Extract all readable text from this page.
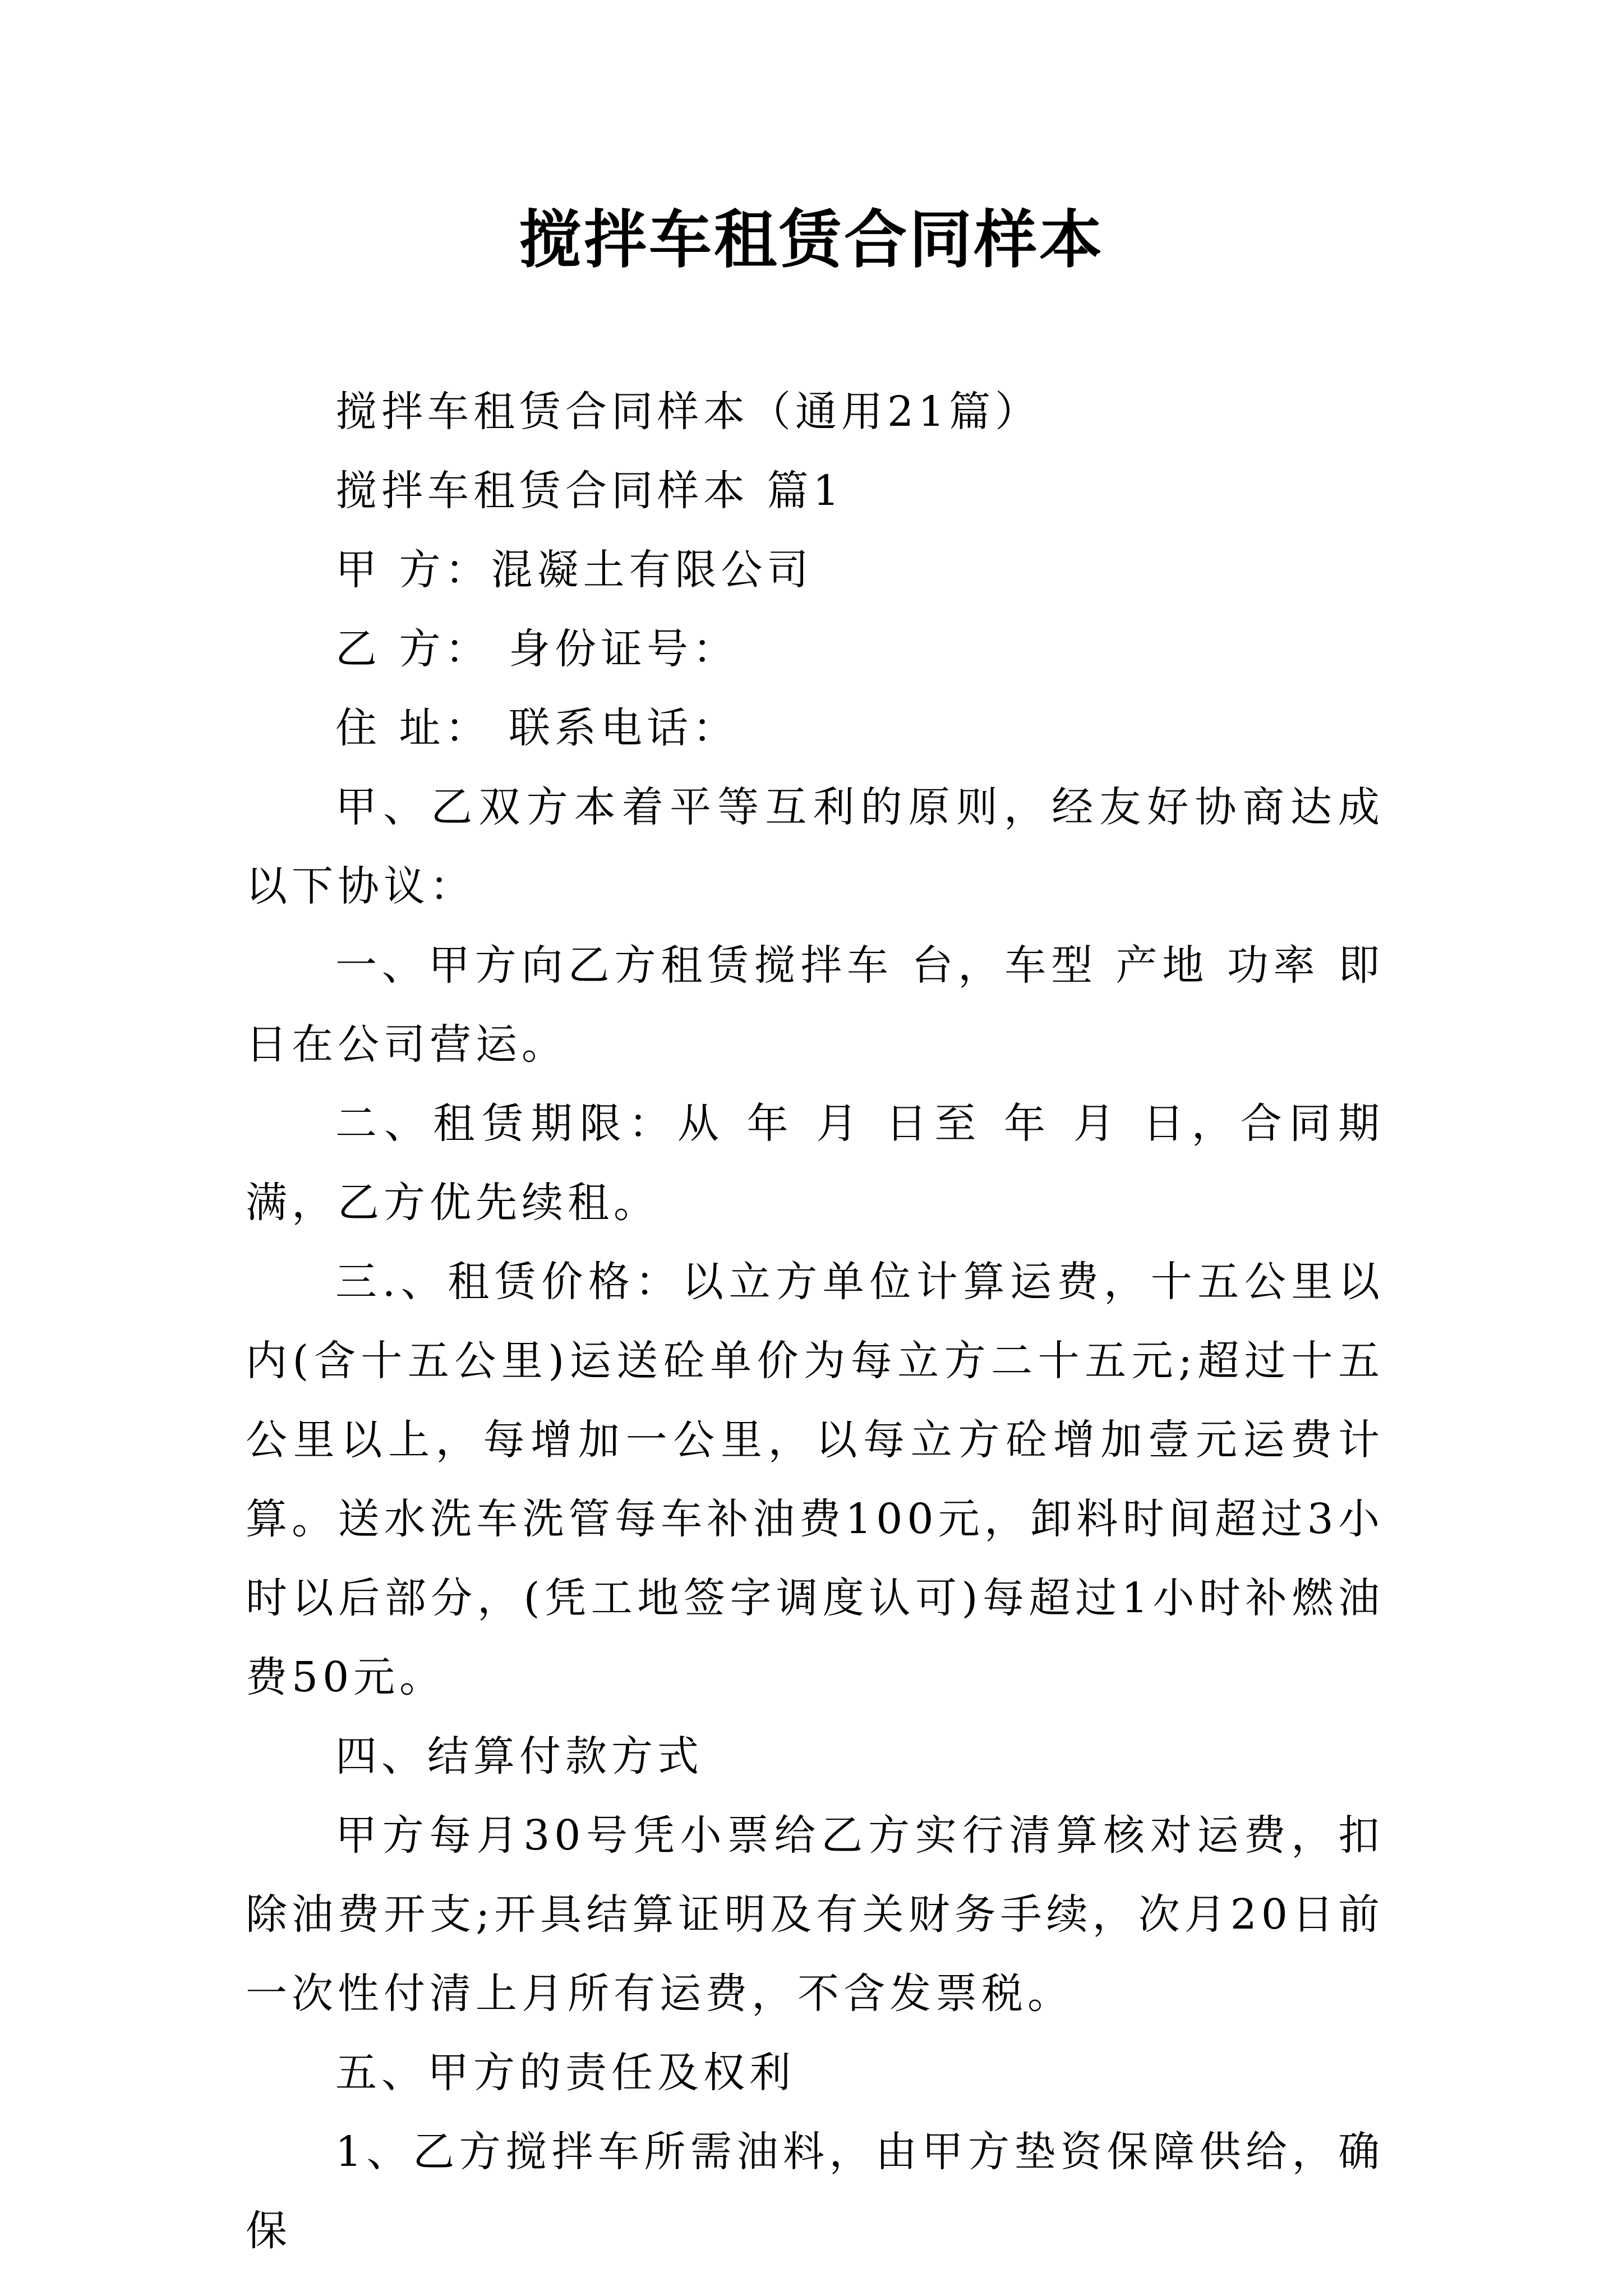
搅拌车租赁合同样本

搅拌车租赁合同样本（通用21篇）

搅拌车租赁合同样本 篇1

甲 方：混凝土有限公司

乙 方： 身份证号：

住 址： 联系电话：

甲、乙双方本着平等互利的原则，经友好协商达成以下协议：

一、甲方向乙方租赁搅拌车 台，车型 产地 功率 即日在公司营运。

二、租赁期限：从 年 月 日至 年 月 日，合同期满，乙方优先续租。

三.、租赁价格：以立方单位计算运费，十五公里以内(含十五公里)运送砼单价为每立方二十五元;超过十五公里以上，每增加一公里，以每立方砼增加壹元运费计算。送水洗车洗管每车补油费100元，卸料时间超过3小时以后部分，(凭工地签字调度认可)每超过1小时补燃油费50元。

四、结算付款方式

甲方每月30号凭小票给乙方实行清算核对运费，扣除油费开支;开具结算证明及有关财务手续，次月20日前一次性付清上月所有运费，不含发票税。

五、甲方的责任及权利

1、乙方搅拌车所需油料，由甲方垫资保障供给，确保
